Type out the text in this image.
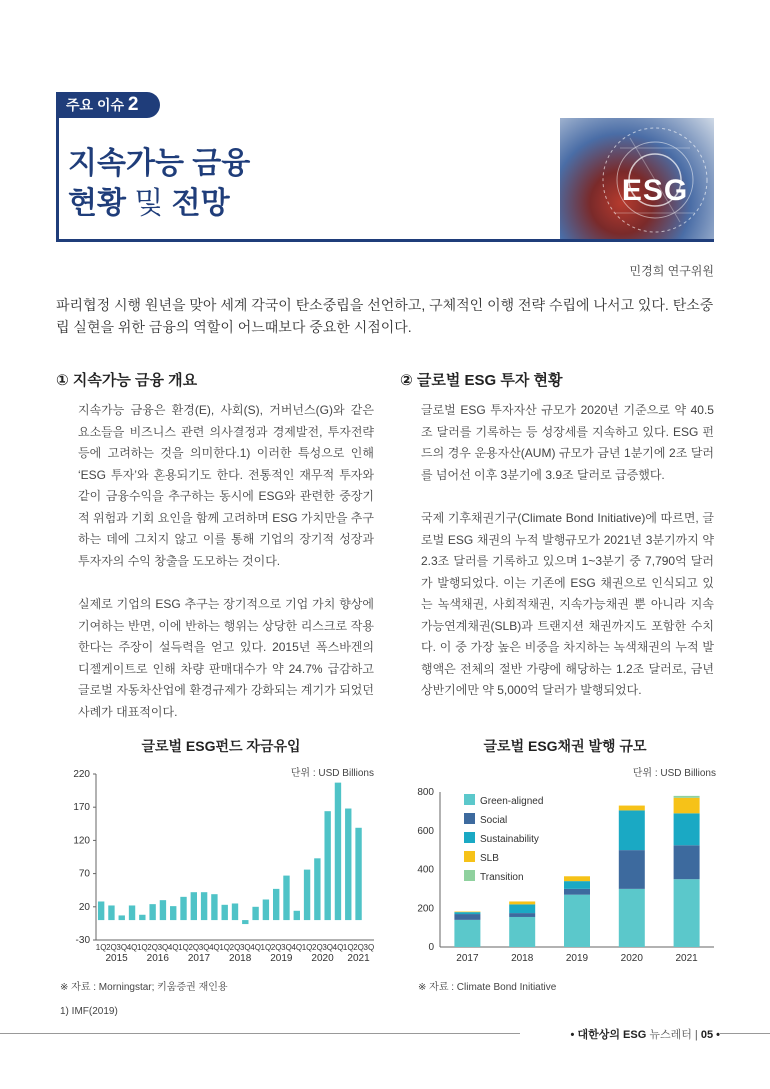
주요 이슈 2
지속가능 금융
현황 및 전망	ESG
민경희 연구위원
파리협정 시행 원년을 맞아 세계 각국이 탄소중립을 선언하고, 구체적인 이행 전략 수립에 나서고 있다. 탄소중립 실현을 위한 금융의 역할이 어느때보다 중요한 시점이다.
① 지속가능 금융 개요
지속가능 금융은 환경(E), 사회(S), 거버넌스(G)와 같은 요소들을 비즈니스 관련 의사결정과 경제발전, 투자전략 등에 고려하는 것을 의미한다.1) 이러한 특성으로 인해 ‘ESG 투자’와 혼용되기도 한다. 전통적인 재무적 투자와 같이 금융수익을 추구하는 동시에 ESG와 관련한 중장기적 위험과 기회 요인을 함께 고려하며 ESG 가치만을 추구하는 데에 그치지 않고 이를 통해 기업의 장기적 성장과 투자자의 수익 창출을 도모하는 것이다.
실제로 기업의 ESG 추구는 장기적으로 기업 가치 향상에 기여하는 반면, 이에 반하는 행위는 상당한 리스크로 작용한다는 주장이 설득력을 얻고 있다. 2015년 폭스바겐의 디젤게이트로 인해 차량 판매대수가 약 24.7% 급감하고 글로벌 자동차산업에 환경규제가 강화되는 계기가 되었던 사례가 대표적이다.
② 글로벌 ESG 투자 현황
글로벌 ESG 투자자산 규모가 2020년 기준으로 약 40.5조 달러를 기록하는 등 성장세를 지속하고 있다. ESG 펀드의 경우 운용자산(AUM) 규모가 금년 1분기에 2조 달러를 넘어선 이후 3분기에 3.9조 달러로 급증했다.
국제 기후채권기구(Climate Bond Initiative)에 따르면, 글로벌 ESG 채권의 누적 발행규모가 2021년 3분기까지 약 2.3조 달러를 기록하고 있으며 1~3분기 중 7,790억 달러가 발행되었다. 이는 기존에 ESG 채권으로 인식되고 있는 녹색채권, 사회적채권, 지속가능채권 뿐 아니라 지속가능연계채권(SLB)과 트랜지션 채권까지도 포함한 수치다. 이 중 가장 높은 비중을 차지하는 녹색채권의 누적 발행액은 전체의 절반 가량에 해당하는 1.2조 달러로, 금년 상반기에만 약 5,000억 달러가 발행되었다.
글로벌 ESG펀드 자금유입
단위 : USD Billions
220
170
120
70
20
-30
1Q 2Q 3Q 4Q 1Q 2Q 3Q 4Q 1Q 2Q 3Q 4Q 1Q 2Q 3Q 4Q 1Q 2Q 3Q 4Q 1Q 2Q 3Q 4Q 1Q 2Q 3Q
2015 2016 2017 2018 2019 2020 2021
※ 자료 : Morningstar; 키움증권 재인용
글로벌 ESG채권 발행 규모
단위 : USD Billions
800
600
400
200
0
2017	2018	2019	2020	2021
Green-aligned
Social
Sustainability
SLB
Transition
※ 자료 : Climate Bond Initiative
1) IMF(2019)
• 대한상의 ESG 뉴스레터 | 05 •
